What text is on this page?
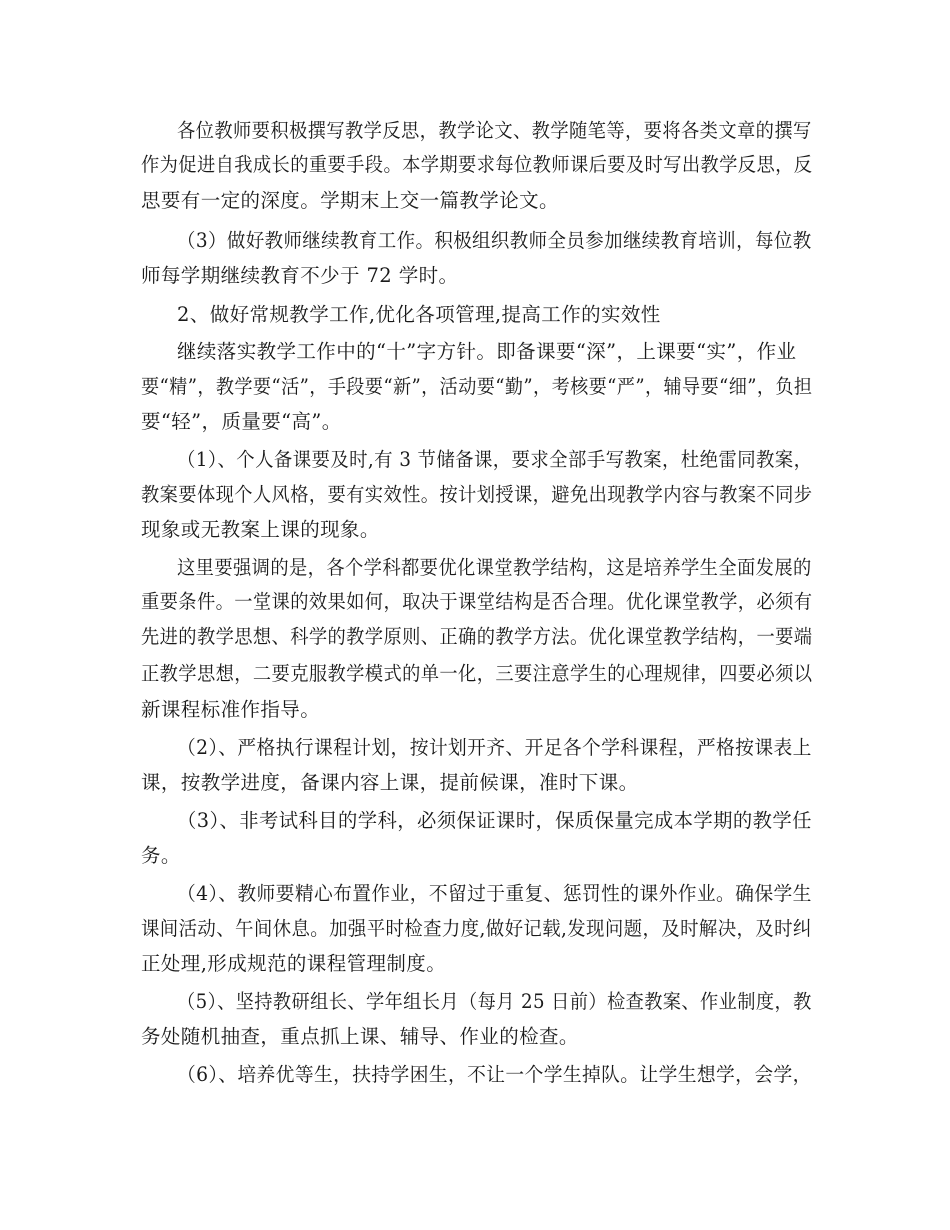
各位教师要积极撰写教学反思，教学论文、教学随笔等，要将各类文章的撰写

作为促进自我成长的重要手段。本学期要求每位教师课后要及时写出教学反思，反

思要有一定的深度。学期末上交一篇教学论文。

（3）做好教师继续教育工作。积极组织教师全员参加继续教育培训，每位教

师每学期继续教育不少于 72 学时。

2、做好常规教学工作,优化各项管理,提高工作的实效性

继续落实教学工作中的“十”字方针。即备课要“深”，上课要“实”，作业

要“精”，教学要“活”，手段要“新”，活动要“勤”，考核要“严”，辅导要“细”，负担

要“轻”，质量要“高”。

（1）、个人备课要及时,有 3 节储备课，要求全部手写教案，杜绝雷同教案，

教案要体现个人风格，要有实效性。按计划授课，避免出现教学内容与教案不同步

现象或无教案上课的现象。

这里要强调的是，各个学科都要优化课堂教学结构，这是培养学生全面发展的

重要条件。一堂课的效果如何，取决于课堂结构是否合理。优化课堂教学，必须有

先进的教学思想、科学的教学原则、正确的教学方法。优化课堂教学结构，一要端

正教学思想，二要克服教学模式的单一化，三要注意学生的心理规律，四要必须以

新课程标准作指导。

（2）、严格执行课程计划，按计划开齐、开足各个学科课程，严格按课表上

课，按教学进度，备课内容上课，提前候课，准时下课。

（3）、非考试科目的学科，必须保证课时，保质保量完成本学期的教学任

务。

（4）、教师要精心布置作业，不留过于重复、惩罚性的课外作业。确保学生

课间活动、午间休息。加强平时检查力度,做好记载,发现问题，及时解决，及时纠

正处理,形成规范的课程管理制度。

（5）、坚持教研组长、学年组长月（每月 25 日前）检查教案、作业制度，教

务处随机抽查，重点抓上课、辅导、作业的检查。

（6）、培养优等生，扶持学困生，不让一个学生掉队。让学生想学，会学，
